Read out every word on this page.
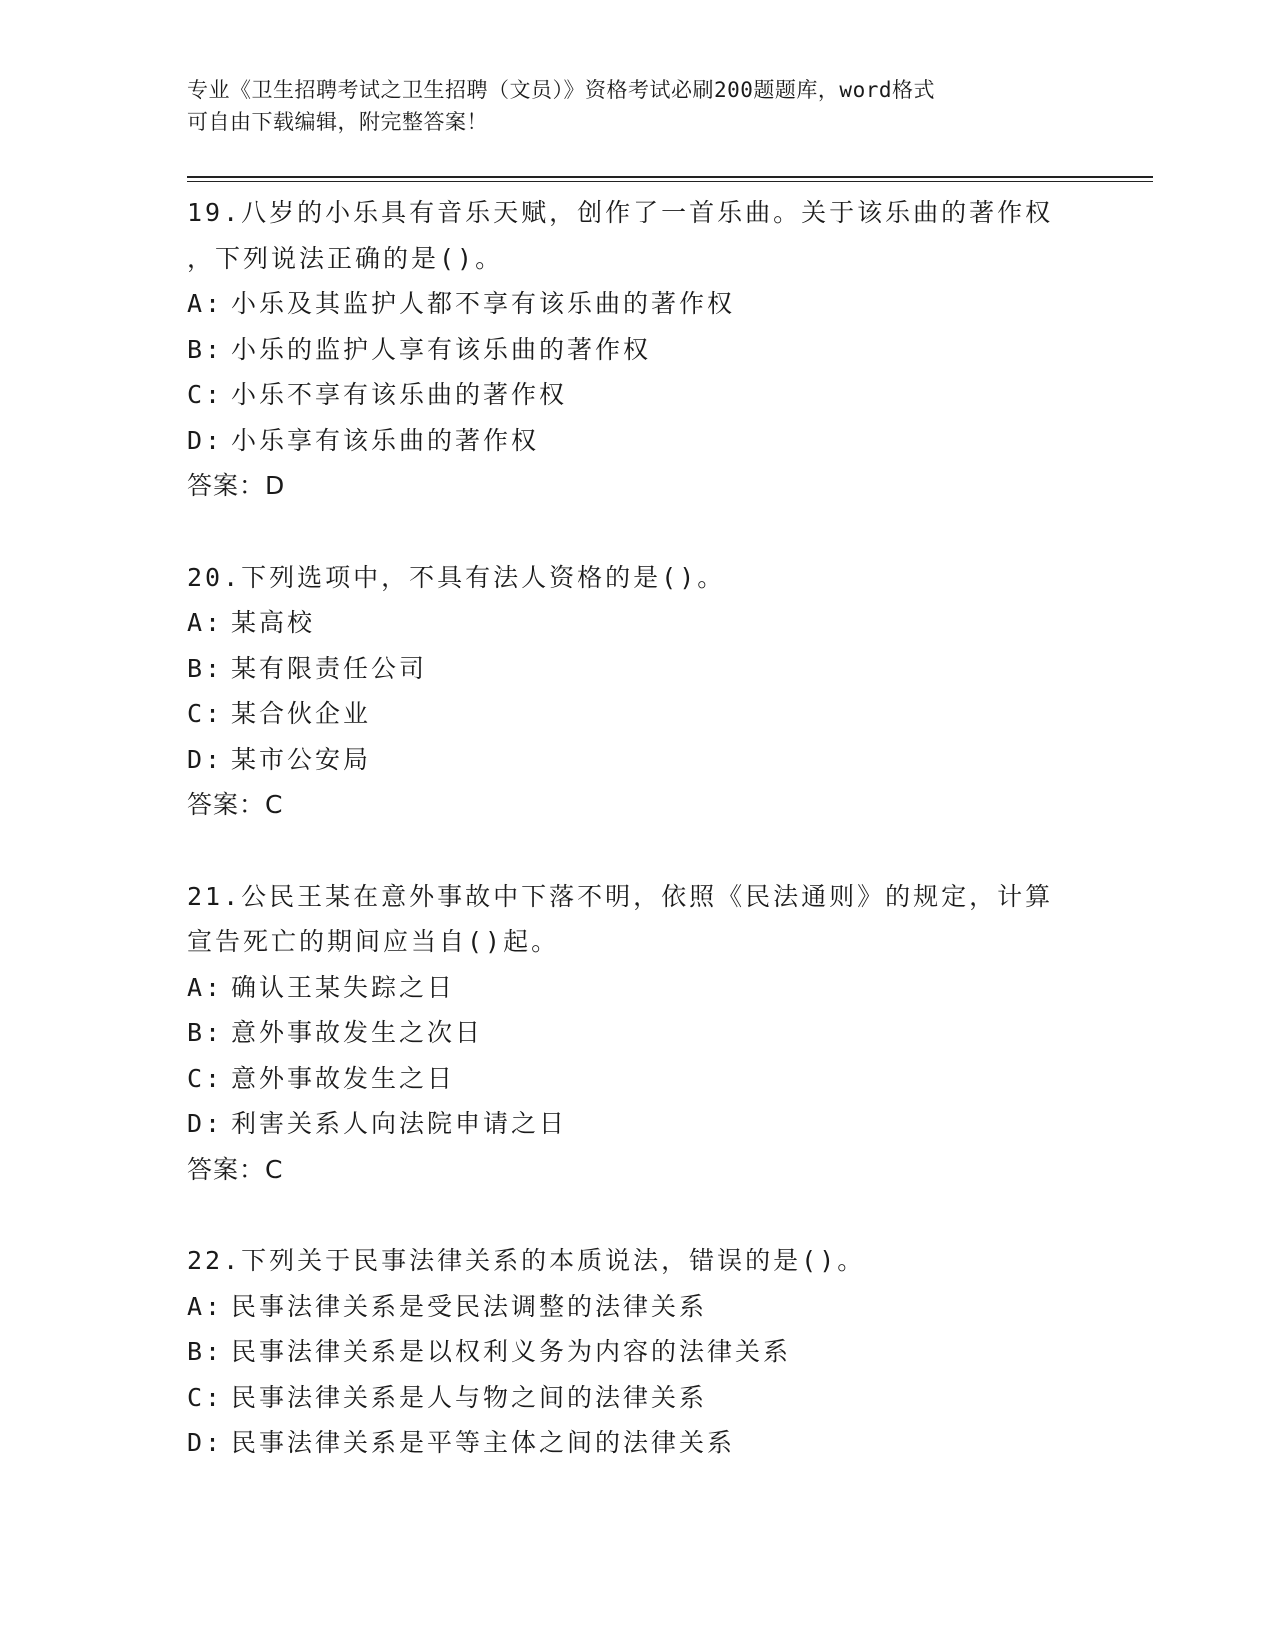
专业《卫生招聘考试之卫生招聘（文员）》资格考试必刷200题题库，word格式
可自由下载编辑，附完整答案！
19.八岁的小乐具有音乐天赋，创作了一首乐曲。关于该乐曲的著作权
，下列说法正确的是()。
A: 小乐及其监护人都不享有该乐曲的著作权
B: 小乐的监护人享有该乐曲的著作权
C: 小乐不享有该乐曲的著作权
D: 小乐享有该乐曲的著作权
答案：D
20.下列选项中，不具有法人资格的是()。
A: 某高校
B: 某有限责任公司
C: 某合伙企业
D: 某市公安局
答案：C
21.公民王某在意外事故中下落不明，依照《民法通则》的规定，计算
宣告死亡的期间应当自()起。
A: 确认王某失踪之日
B: 意外事故发生之次日
C: 意外事故发生之日
D: 利害关系人向法院申请之日
答案：C
22.下列关于民事法律关系的本质说法，错误的是()。
A: 民事法律关系是受民法调整的法律关系
B: 民事法律关系是以权利义务为内容的法律关系
C: 民事法律关系是人与物之间的法律关系
D: 民事法律关系是平等主体之间的法律关系
